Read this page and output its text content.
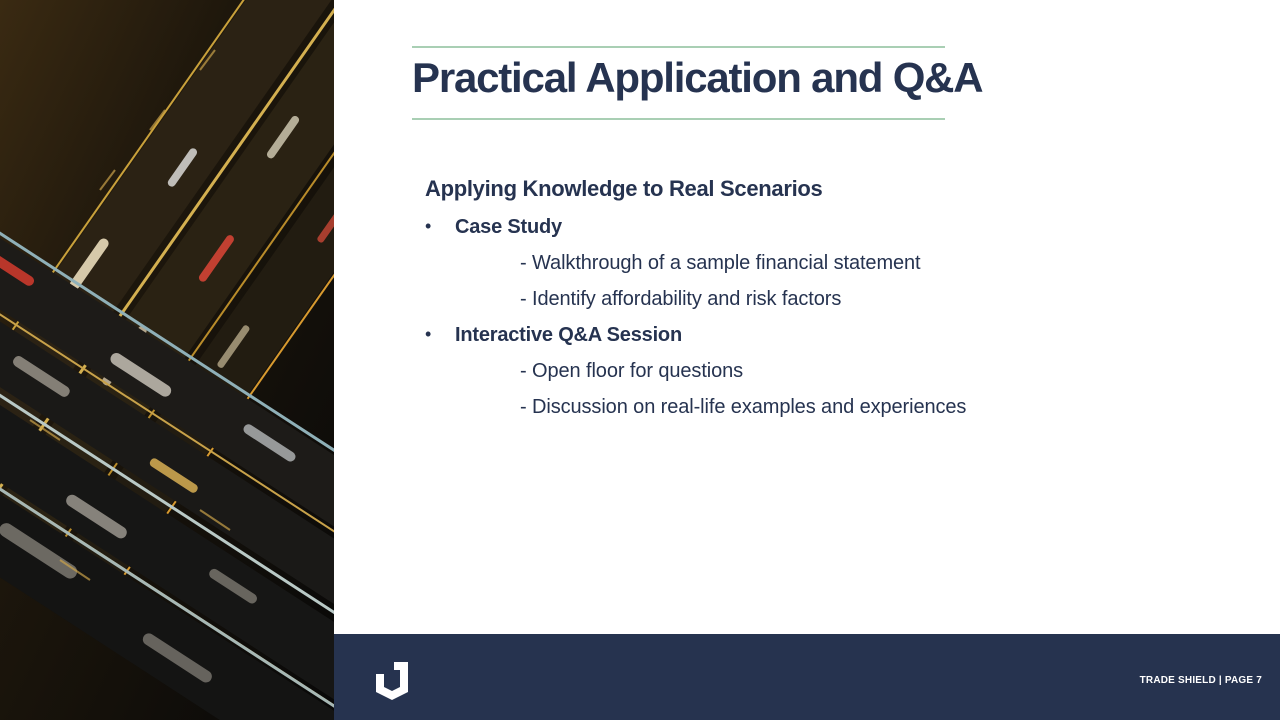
Practical Application and Q&A
Applying Knowledge to Real Scenarios
• Case Study
- Walkthrough of a sample financial statement
- Identify affordability and risk factors
• Interactive Q&A Session
- Open floor for questions
- Discussion on real-life examples and experiences
TRADE SHIELD | PAGE 7
